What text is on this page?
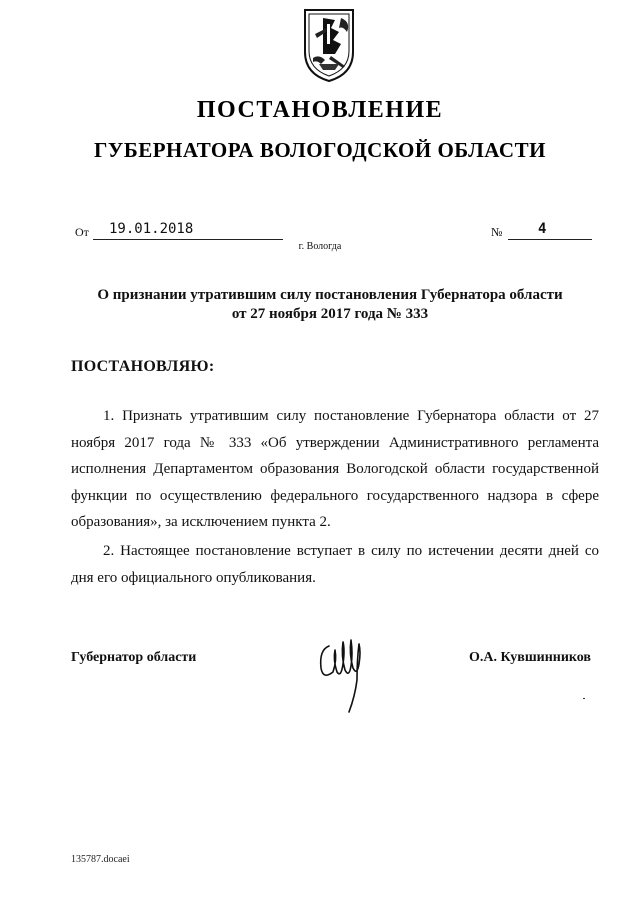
ПОСТАНОВЛЕНИЕ
ГУБЕРНАТОРА ВОЛОГОДСКОЙ ОБЛАСТИ
От 19.01.2018	№	4
г. Вологда
О признании утратившим силу постановления Губернатора области
от 27 ноября 2017 года № 333
ПОСТАНОВЛЯЮ:
1. Признать утратившим силу постановление Губернатора области от 27 ноября 2017 года № 333 «Об утверждении Административного регламента исполнения Департаментом образования Вологодской области государственной функции по осуществлению федерального государственного надзора в сфере образования», за исключением пункта 2.
2. Настоящее постановление вступает в силу по истечении десяти дней со дня его официального опубликования.
Губернатор области	О.А. Кувшинников
135787.docaei
